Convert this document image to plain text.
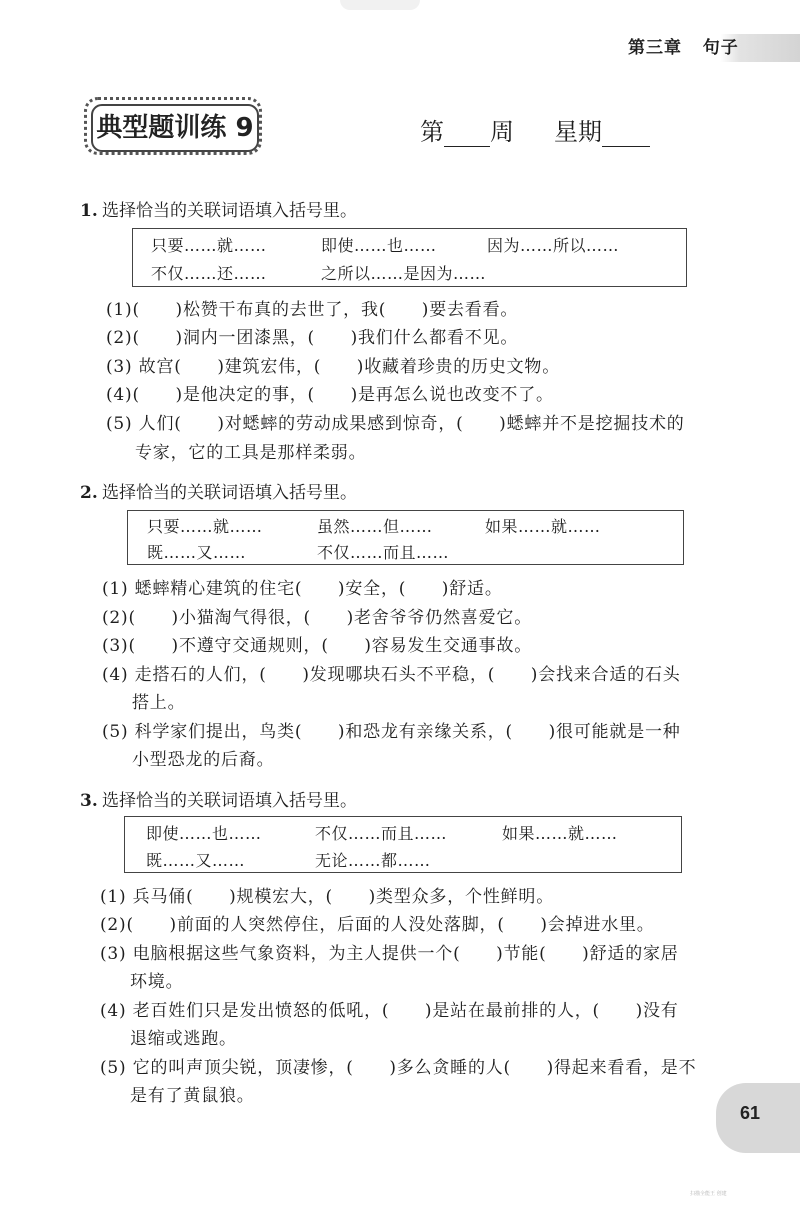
第三章   句子
典型题训练 9	第 周 星期
1. 选择恰当的关联词语填入括号里。
只要……就……	即使……也……	因为……所以……
不仅……还……	之所以……是因为……
(1)(　　)松赞干布真的去世了，我(　　)要去看看。
(2)(　　)洞内一团漆黑，(　　)我们什么都看不见。
(3) 故宫(　　)建筑宏伟，(　　)收藏着珍贵的历史文物。
(4)(　　)是他决定的事，(　　)是再怎么说也改变不了。
(5) 人们(　　)对蟋蟀的劳动成果感到惊奇，(　　)蟋蟀并不是挖掘技术的
专家，它的工具是那样柔弱。
2. 选择恰当的关联词语填入括号里。
只要……就……	虽然……但……	如果……就……
既……又……	不仅……而且……
(1) 蟋蟀精心建筑的住宅(　　)安全，(　　)舒适。
(2)(　　)小猫淘气得很，(　　)老舍爷爷仍然喜爱它。
(3)(　　)不遵守交通规则，(　　)容易发生交通事故。
(4) 走搭石的人们，(　　)发现哪块石头不平稳，(　　)会找来合适的石头
搭上。
(5) 科学家们提出，鸟类(　　)和恐龙有亲缘关系，(　　)很可能就是一种
小型恐龙的后裔。
3. 选择恰当的关联词语填入括号里。
即使……也……	不仅……而且……	如果……就……
既……又……	无论……都……
(1) 兵马俑(　　)规模宏大，(　　)类型众多，个性鲜明。
(2)(　　)前面的人突然停住，后面的人没处落脚，(　　)会掉进水里。
(3) 电脑根据这些气象资料，为主人提供一个(　　)节能(　　)舒适的家居
环境。
(4) 老百姓们只是发出愤怒的低吼，(　　)是站在最前排的人，(　　)没有
退缩或逃跑。
(5) 它的叫声顶尖锐，顶凄惨，(　　)多么贪睡的人(　　)得起来看看，是不
是有了黄鼠狼。
61
扫描全能王 创建
